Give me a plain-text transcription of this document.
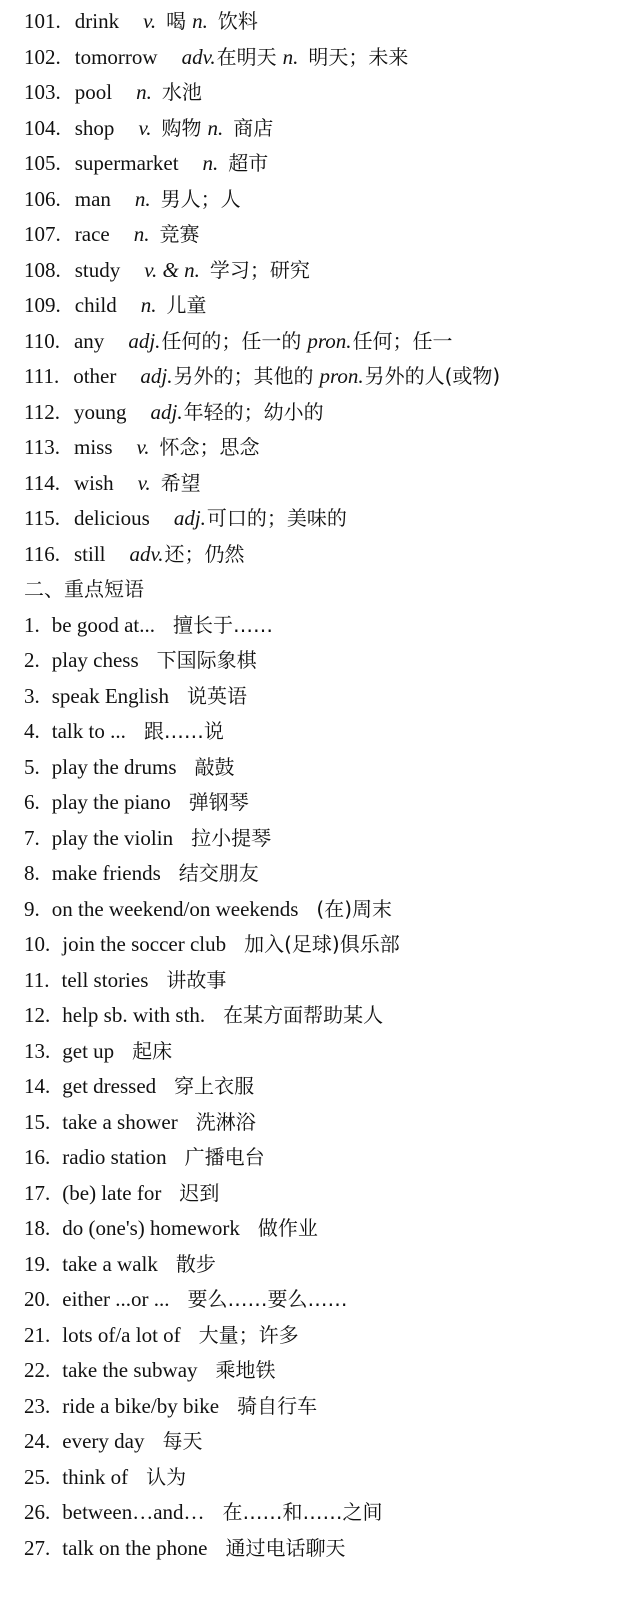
101. drink v. 喝 n. 饮料
102. tomorrow adv.在明天 n. 明天；未来
103. pool n. 水池
104. shop v. 购物 n. 商店
105. supermarket n. 超市
106. man n. 男人；人
107. race n. 竞赛
108. study v. & n. 学习；研究
109. child n. 儿童
110. any adj.任何的；任一的 pron.任何；任一
111. other adj.另外的；其他的 pron.另外的人(或物)
112. young adj.年轻的；幼小的
113. miss v. 怀念；思念
114. wish v. 希望
115. delicious adj.可口的；美味的
116. still adv.还；仍然
二、重点短语
1. be good at... 擅长于……
2. play chess 下国际象棋
3. speak English 说英语
4. talk to ... 跟……说
5. play the drums 敲鼓
6. play the piano 弹钢琴
7. play the violin 拉小提琴
8. make friends 结交朋友
9. on the weekend/on weekends (在)周末
10. join the soccer club 加入(足球)俱乐部
11. tell stories 讲故事
12. help sb. with sth. 在某方面帮助某人
13. get up 起床
14. get dressed 穿上衣服
15. take a shower 洗淋浴
16. radio station 广播电台
17. (be) late for 迟到
18. do (one's) homework 做作业
19. take a walk 散步
20. either ...or ... 要么……要么……
21. lots of/a lot of 大量；许多
22. take the subway 乘地铁
23. ride a bike/by bike 骑自行车
24. every day 每天
25. think of 认为
26. between…and… 在……和……之间
27. talk on the phone 通过电话聊天
